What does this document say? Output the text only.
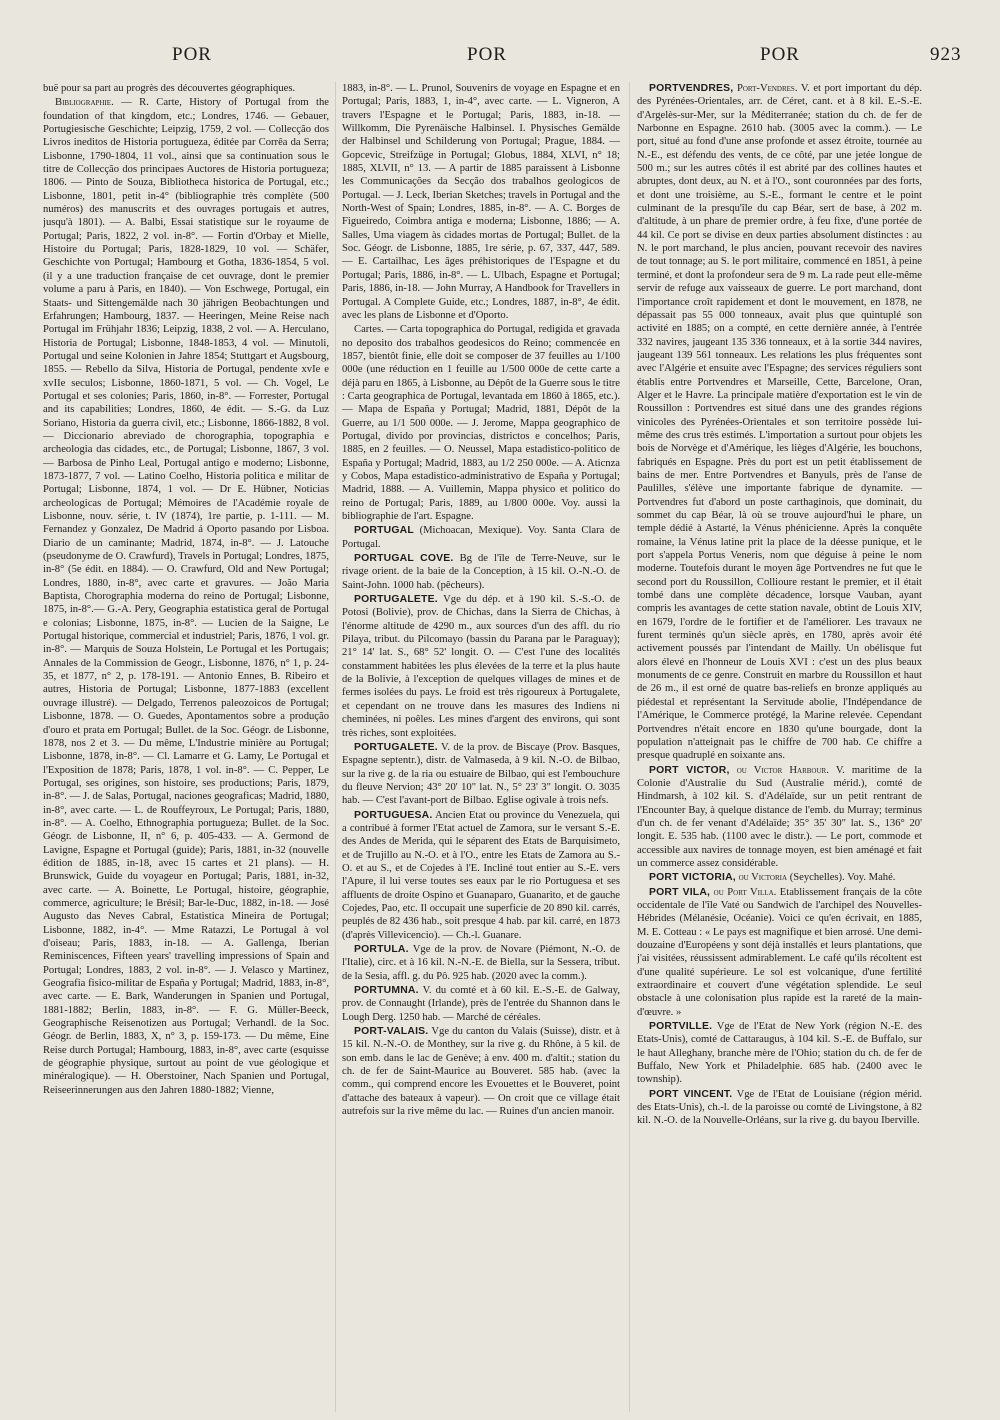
POR	POR	POR	923

buë pour sa part au progrès des découvertes géographiques.

Bibliographie. — R. Carte, History of Portugal from the foundation of that kingdom, etc.; Londres, 1746. — Gebauer, Portugiesische Geschichte; Leipzig, 1759, 2 vol. — Collecção dos Livros ineditos de Historia portugueza, éditée par Corrêa da Serra; Lisbonne, 1790-1804, 11 vol., ainsi que sa continuation sous le titre de Collecção dos principaes Auctores de Historia portugueza; 1806. — Pinto de Souza, Bibliotheca historica de Portugal, etc.; Lisbonne, 1801, petit in-4° (bibliographie très complète (500 numéros) des manuscrits et des ouvrages portugais et autres, jusqu'à 1801). — A. Balbi, Essai statistique sur le royaume de Portugal; Paris, 1822, 2 vol. in-8°. — Fortin d'Orbay et Mielle, Histoire du Portugal; Paris, 1828-1829, 10 vol. — Schäfer, Geschichte von Portugal; Hambourg et Gotha, 1836-1854, 5 vol. (il y a une traduction française de cet ouvrage, dont le premier volume a paru à Paris, en 1840). — Von Eschwege, Portugal, ein Staats- und Sittengemälde nach 30 jährigen Beobachtungen und Erfahrungen; Hambourg, 1837. — Heeringen, Meine Reise nach Portugal im Frühjahr 1836; Leipzig, 1838, 2 vol. — A. Herculano, Historia de Portugal; Lisbonne, 1848-1853, 4 vol. — Minutoli, Portugal und seine Kolonien in Jahre 1854; Stuttgart et Augsbourg, 1855. — Rebello da Silva, Historia de Portugal, pendente xvIe e xvIIe seculos; Lisbonne, 1860-1871, 5 vol. — Ch. Vogel, Le Portugal et ses colonies; Paris, 1860, in-8°. — Forrester, Portugal and its capabilities; Londres, 1860, 4e édit. — S.-G. da Luz Soriano, Historia da guerra civil, etc.; Lisbonne, 1866-1882, 8 vol. — Diccionario abreviado de chorographia, topographia e archeologia das cidades, etc., de Portugal; Lisbonne, 1867, 3 vol. — Barbosa de Pinho Leal, Portugal antigo e moderno; Lisbonne, 1873-1877, 7 vol. — Latino Coelho, Historia politica e militar de Portugal; Lisbonne, 1874, 1 vol. — Dr E. Hübner, Noticias archeologicas de Portugal; Mémoires de l'Académie royale de Lisbonne, nouv. série, t. IV (1874), 1re partie, p. 1-111. — M. Fernandez y Gonzalez, De Madrid á Oporto pasando por Lisboa. Diario de un caminante; Madrid, 1874, in-8°. — J. Latouche (pseudonyme de O. Crawfurd), Travels in Portugal; Londres, 1875, in-8° (5e édit. en 1884). — O. Crawfurd, Old and New Portugal; Londres, 1880, in-8°, avec carte et gravures. — João Maria Baptista, Chorographia moderna do reino de Portugal; Lisbonne, 1875, in-8°.— G.-A. Pery, Geographia estatistica geral de Portugal e colonias; Lisbonne, 1875, in-8°. — Lucien de la Saigne, Le Portugal historique, commercial et industriel; Paris, 1876, 1 vol. gr. in-8°. — Marquis de Souza Holstein, Le Portugal et les Portugais; Annales de la Commission de Geogr., Lisbonne, 1876, n° 1, p. 24-35, et 1877, n° 2, p. 178-191. — Antonio Ennes, B. Ribeiro et autres, Historia de Portugal; Lisbonne, 1877-1883 (excellent ouvrage illustré). — Delgado, Terrenos paleozoicos de Portugal; Lisbonne, 1878. — O. Guedes, Apontamentos sobre a produção d'ouro et prata em Portugal; Bullet. de la Soc. Géogr. de Lisbonne, 1878, nos 2 et 3. — Du même, L'Industrie minière au Portugal; Lisbonne, 1878, in-8°. — Cl. Lamarre et G. Lamy, Le Portugal et l'Exposition de 1878; Paris, 1878, 1 vol. in-8°. — C. Pepper, Le Portugal, ses origines, son histoire, ses productions; Paris, 1879, in-8°. — J. de Salas, Portugal, naciones geograficas; Madrid, 1880, in-8°, avec carte. — L. de Rouffeyroux, Le Portugal; Paris, 1880, in-8°. — A. Coelho, Ethnographia portugueza; Bullet. de la Soc. Géogr. de Lisbonne, II, n° 6, p. 405-433. — A. Germond de Lavigne, Espagne et Portugal (guide); Paris, 1881, in-32 (nouvelle édition de 1885, in-18, avec 15 cartes et 21 plans). — H. Brunswick, Guide du voyageur en Portugal; Paris, 1881, in-32, avec carte. — A. Boinette, Le Portugal, histoire, géographie, commerce, agriculture; le Brésil; Bar-le-Duc, 1882, in-18. — José Augusto das Neves Cabral, Estatistica Mineira de Portugal; Lisbonne, 1882, in-4°. — Mme Ratazzi, Le Portugal à vol d'oiseau; Paris, 1883, in-18. — A. Gallenga, Iberian Reminiscences, Fifteen years' travelling impressions of Spain and Portugal; Londres, 1883, 2 vol. in-8°. — J. Velasco y Martinez, Geografia fisico-militar de España y Portugal; Madrid, 1883, in-8°, avec carte. — E. Bark, Wanderungen in Spanien und Portugal, 1881-1882; Berlin, 1883, in-8°. — F. G. Müller-Beeck, Geographische Reisenotizen aus Portugal; Verhandl. de la Soc. Géogr. de Berlin, 1883, X, n° 3, p. 159-173. — Du même, Eine Reise durch Portugal; Hambourg, 1883, in-8°, avec carte (esquisse de géographie physique, surtout au point de vue géologique et minéralogique). — H. Oberstoiner, Nach Spanien und Portugal, Reiseerinnerungen aus den Jahren 1880-1882; Vienne,

1883, in-8°. — L. Prunol, Souvenirs de voyage en Espagne et en Portugal; Paris, 1883, 1, in-4°, avec carte. — L. Vigneron, A travers l'Espagne et le Portugal; Paris, 1883, in-18. — Willkomm, Die Pyrenäische Halbinsel. I. Physisches Gemälde der Halbinsel und Schilderung von Portugal; Prague, 1884. — Gopcevic, Streifzüge in Portugal; Globus, 1884, XLVI, n° 18; 1885, XLVII, n° 13. — A partir de 1885 paraissent à Lisbonne les Communicações da Secção dos trabalhos geologicos de Portugal. — J. Leck, Iberian Sketches; travels in Portugal and the North-West of Spain; Londres, 1885, in-8°. — A. C. Borges de Figueiredo, Coimbra antiga e moderna; Lisbonne, 1886; — A. Salles, Uma viagem às cidades mortas de Portugal; Bullet. de la Soc. Géogr. de Lisbonne, 1885, 1re série, p. 67, 337, 447, 589. — E. Cartailhac, Les âges préhistoriques de l'Espagne et du Portugal; Paris, 1886, in-8°. — L. Ulbach, Espagne et Portugal; Paris, 1886, in-18. — John Murray, A Handbook for Travellers in Portugal. A Complete Guide, etc.; Londres, 1887, in-8°, 4e édit. avec les plans de Lisbonne et d'Oporto.

Cartes. — Carta topographica do Portugal, redigida et gravada no deposito dos trabalhos geodesicos do Reino; commencée en 1857, bientôt finie, elle doit se composer de 37 feuilles au 1/100 000e (une réduction en 1 feuille au 1/500 000e de cette carte a déjà paru en 1865, à Lisbonne, au Dépôt de la Guerre sous le titre : Carta geographica de Portugal, levantada em 1860 à 1865, etc.). — Mapa de España y Portugal; Madrid, 1881, Dépôt de la Guerre, au 1/1 500 000e. — J. Jerome, Mappa geographico de Portugal, divido por provincias, districtos e concelhos; Paris, 1885, en 2 feuilles. — O. Neussel, Mapa estadistico-politico de España y Portugal; Madrid, 1883, au 1/2 250 000e. — A. Aticnza y Cobos, Mapa estadistico-administrativo de España y Portugal; Madrid, 1888. — A. Vuillemin, Mappa physico et politico do reino de Portugal; Paris, 1889, au 1/800 000e. Voy. aussi la bibliographie de l'art. Espagne.

PORTUGAL (Michoacan, Mexique). Voy. Santa Clara de Portugal.

PORTUGAL COVE. Bg de l'île de Terre-Neuve, sur le rivage orient. de la baie de la Conception, à 15 kil. O.-N.-O. de Saint-John. 1000 hab. (pêcheurs).

PORTUGALETE. Vge du dép. et à 190 kil. S.-S.-O. de Potosi (Bolivie), prov. de Chichas, dans la Sierra de Chichas, à l'énorme altitude de 4290 m., aux sources d'un des affl. du rio Pilaya, tribut. du Pilcomayo (bassin du Parana par le Paraguay); 21° 14' lat. S., 68° 52' longit. O. — C'est l'une des localités constamment habitées les plus élevées de la terre et la plus haute de la Bolivie, à l'exception de quelques villages de mines et de fermes isolées du pays. Le froid est très rigoureux à Portugalete, et cependant on ne trouve dans les masures des Indiens ni cheminées, ni poêles. Les mines d'argent des environs, qui sont très riches, sont exploitées.

PORTUGALETE. V. de la prov. de Biscaye (Prov. Basques, Espagne septentr.), distr. de Valmaseda, à 9 kil. N.-O. de Bilbao, sur la rive g. de la ria ou estuaire de Bilbao, qui est l'embouchure du fleuve Nervion; 43° 20' 10" lat. N., 5° 23' 3" longit. O. 3035 hab. — C'est l'avant-port de Bilbao. Eglise ogivale à trois nefs.

PORTUGUESA. Ancien Etat ou province du Venezuela, qui a contribué à former l'Etat actuel de Zamora, sur le versant S.-E. des Andes de Merida, qui le séparent des Etats de Barquisimeto, et de Trujillo au N.-O. et à l'O., entre les Etats de Zamora au S.-O. et au S., et de Cojedes à l'E. Incliné tout entier au S.-E. vers l'Apure, il lui verse toutes ses eaux par le rio Portuguesa et ses affluents de droite Ospino et Guanaparo, Guanarito, et de gauche Cojedes, Pao, etc. Il occupait une superficie de 20 890 kil. carrés, peuplés de 82 436 hab., soit presque 4 hab. par kil. carré, en 1873 (d'après Villevicencio). — Ch.-l. Guanare.

PORTULA. Vge de la prov. de Novare (Piémont, N.-O. de l'Italie), circ. et à 16 kil. N.-N.-E. de Biella, sur la Sessera, tribut. de la Sesia, affl. g. du Pô. 925 hab. (2020 avec la comm.).

PORTUMNA. V. du comté et à 60 kil. E.-S.-E. de Galway, prov. de Connaught (Irlande), près de l'entrée du Shannon dans le Lough Derg. 1250 hab. — Marché de céréales.

PORT-VALAIS. Vge du canton du Valais (Suisse), distr. et à 15 kil. N.-N.-O. de Monthey, sur la rive g. du Rhône, à 5 kil. de son emb. dans le lac de Genève; à env. 400 m. d'altit.; station du ch. de fer de Saint-Maurice au Bouveret. 585 hab. (avec la comm., qui comprend encore les Evouettes et le Bouveret, point d'attache des bateaux à vapeur). — On croit que ce village était autrefois sur la rive même du lac. — Ruines d'un ancien manoir.

PORTVENDRES, Port-Vendres. V. et port important du dép. des Pyrénées-Orientales, arr. de Céret, cant. et à 8 kil. E.-S.-E. d'Argelès-sur-Mer, sur la Méditerranée; station du ch. de fer de Narbonne en Espagne. 2610 hab. (3005 avec la comm.). — Le port, situé au fond d'une anse profonde et assez étroite, tournée au N.-E., est défendu des vents, de ce côté, par une jetée longue de 500 m.; sur les autres côtés il est abrité par des collines hautes et abruptes, dont deux, au N. et à l'O., sont couronnées par des forts, et dont une troisième, au S.-E., formant le centre et le point culminant de la presqu'île du cap Béar, sert de base, à 202 m. d'altitude, à un phare de premier ordre, à feu fixe, d'une portée de 44 kil. Ce port se divise en deux parties absolument distinctes : au N. le port marchand, le plus ancien, pouvant recevoir des navires de tout tonnage; au S. le port militaire, commencé en 1851, à peine terminé, et dont la profondeur sera de 9 m. La rade peut elle-même servir de refuge aux vaisseaux de guerre. Le port marchand, dont l'importance croît rapidement et dont le mouvement, en 1878, ne dépassait pas 55 000 tonneaux, avait plus que quintuplé son activité en 1885; on a compté, en cette dernière année, à l'entrée 332 navires, jaugeant 135 336 tonneaux, et à la sortie 344 navires, jaugeant 139 561 tonneaux. Les relations les plus fréquentes sont avec l'Algérie et ensuite avec l'Espagne; des services réguliers sont établis entre Portvendres et Marseille, Cette, Barcelone, Oran, Alger et le Havre. La principale matière d'exportation est le vin de Roussillon : Portvendres est situé dans une des grandes régions vinicoles des Pyrénées-Orientales et son territoire possède lui-même des crus très estimés. L'importation a surtout pour objets les bois de Norvège et d'Amérique, les lièges d'Algérie, les bouchons, fabriqués en Espagne. Près du port est un petit établissement de bains de mer. Entre Portvendres et Banyuls, près de l'anse de Paulilles, s'élève une importante fabrique de dynamite. — Portvendres fut d'abord un poste carthaginois, que dominait, du sommet du cap Béar, là où se trouve aujourd'hui le phare, un temple dédié à Astarté, la Vénus phénicienne. Après la conquête romaine, la Vénus latine prit la place de la déesse punique, et le port s'appela Portus Veneris, nom que déguise à peine le nom moderne. Toutefois durant le moyen âge Portvendres ne fut que le second port du Roussillon, Collioure restant le premier, et il était tombé dans une complète décadence, lorsque Vauban, ayant compris les avantages de cette station navale, obtint de Louis XIV, en 1679, l'ordre de le fortifier et de l'améliorer. Les travaux ne furent terminés qu'un siècle après, en 1780, après avoir été activement poussés par l'intendant de Mailly. Un obélisque fut alors élevé en l'honneur de Louis XVI : c'est un des plus beaux monuments de ce genre. Construit en marbre du Roussillon et haut de 26 m., il est orné de quatre bas-reliefs en bronze appliqués au piédestal et représentant la Servitude abolie, l'Indépendance de l'Amérique, le Commerce protégé, la Marine relevée. Cependant Portvendres n'était encore en 1830 qu'une bourgade, dont la population n'atteignait pas le chiffre de 700 hab. Ce chiffre a presque quadruplé en soixante ans.

PORT VICTOR, ou Victor Harbour. V. maritime de la Colonie d'Australie du Sud (Australie mérid.), comté de Hindmarsh, à 102 kil. S. d'Adélaïde, sur un petit rentrant de l'Encounter Bay, à quelque distance de l'emb. du Murray; terminus d'un ch. de fer venant d'Adélaïde; 35° 35' 30" lat. S., 136° 20' longit. E. 535 hab. (1100 avec le distr.). — Le port, commode et accessible aux navires de tonnage moyen, est bien aménagé et fait un commerce assez considérable.

PORT VICTORIA, ou Victoria (Seychelles). Voy. Mahé.

PORT VILA, ou Port Villa. Etablissement français de la côte occidentale de l'île Vaté ou Sandwich de l'archipel des Nouvelles-Hébrides (Mélanésie, Océanie). Voici ce qu'en écrivait, en 1885, M. E. Cotteau : « Le pays est magnifique et bien arrosé. Une demi-douzaine d'Européens y sont déjà installés et leurs plantations, que j'ai visitées, réussissent admirablement. Le café qu'ils récoltent est d'une qualité supérieure. Le sol est volcanique, d'une fertilité extraordinaire et couvert d'une végétation splendide. Le seul obstacle à une colonisation plus rapide est la rareté de la main-d'œuvre. »

PORTVILLE. Vge de l'Etat de New York (région N.-E. des Etats-Unis), comté de Cattaraugus, à 104 kil. S.-E. de Buffalo, sur le haut Alleghany, branche mère de l'Ohio; station du ch. de fer de Buffalo, New York et Philadelphie. 685 hab. (2400 avec le township).

PORT VINCENT. Vge de l'Etat de Louisiane (région mérid. des Etats-Unis), ch.-l. de la paroisse ou comté de Livingstone, à 82 kil. N.-O. de la Nouvelle-Orléans, sur la rive g. du bayou Iberville.
